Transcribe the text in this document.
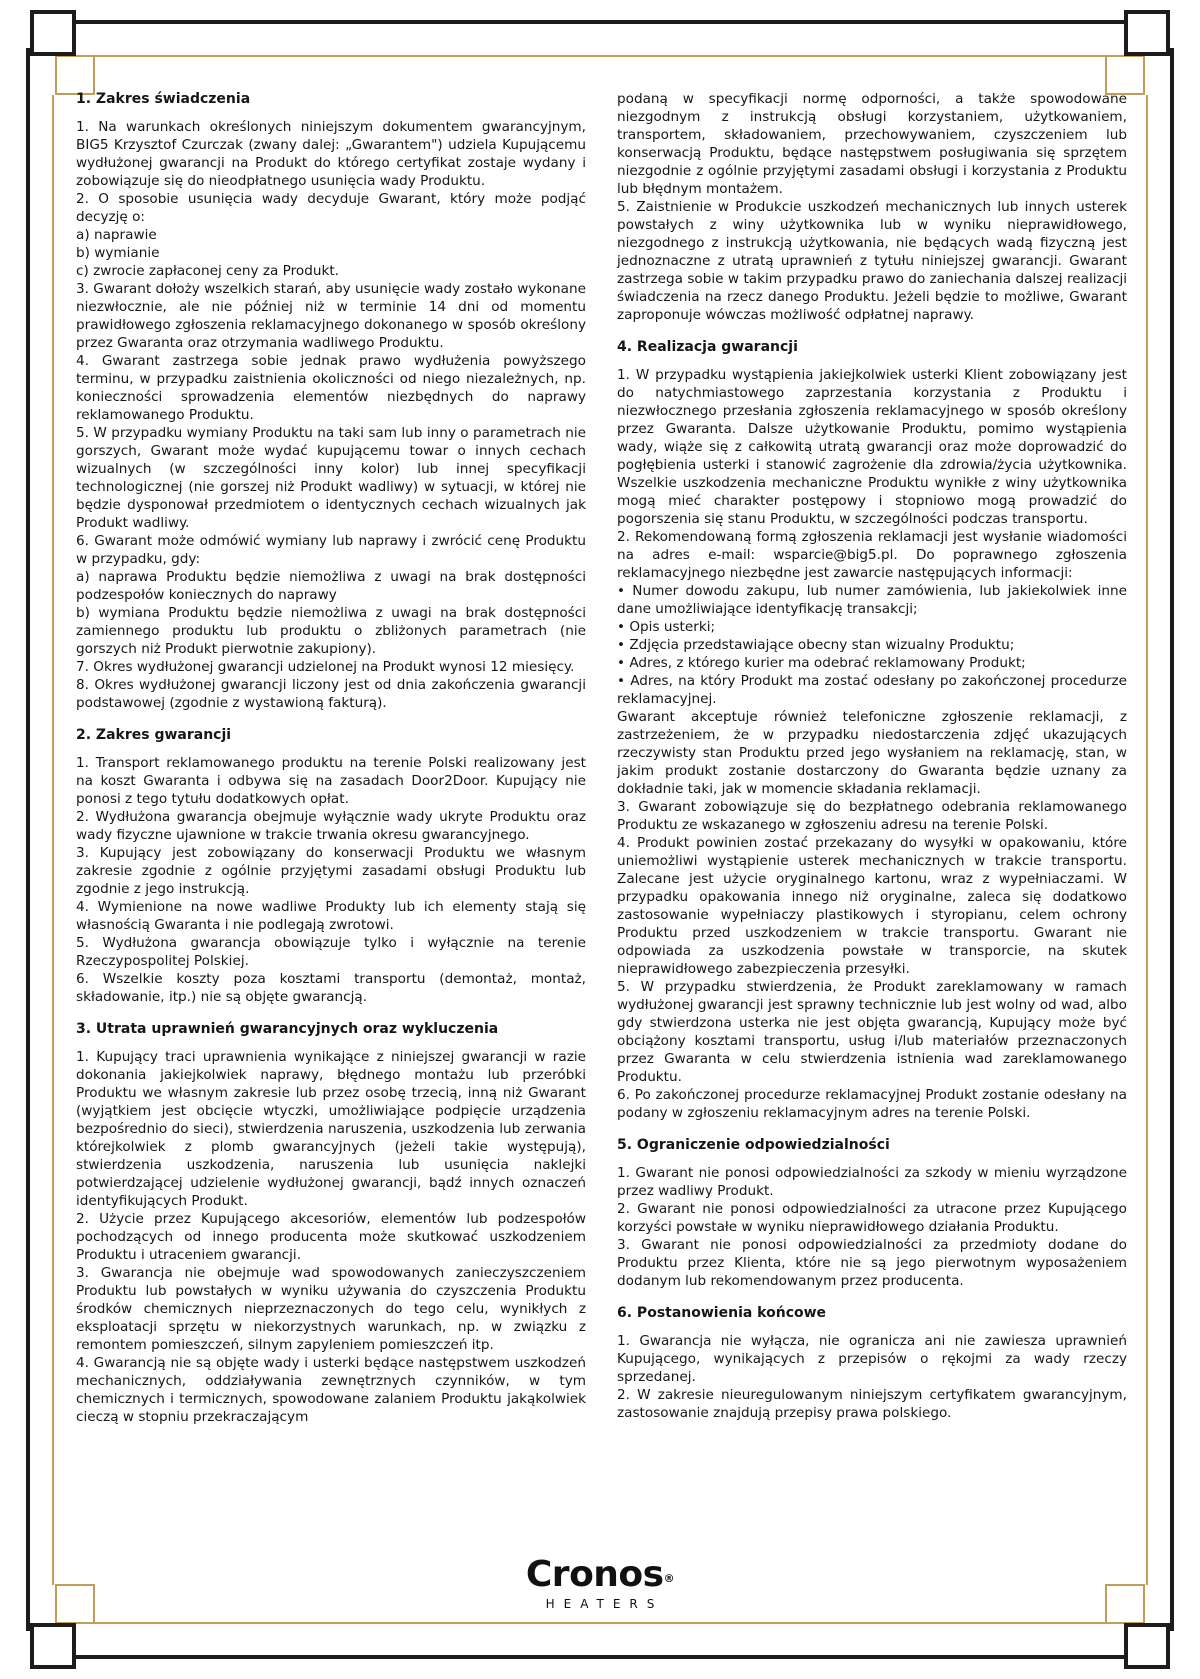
1. Zakres świadczenia

1. Na warunkach określonych niniejszym dokumentem gwarancyjnym, BIG5 Krzysztof Czurczak (zwany dalej: „Gwarantem") udziela Kupującemu wydłużonej gwarancji na Produkt do którego certyfikat zostaje wydany i zobowiązuje się do nieodpłatnego usunięcia wady Produktu.

2. O sposobie usunięcia wady decyduje Gwarant, który może podjąć decyzję o:

a) naprawie

b) wymianie

c) zwrocie zapłaconej ceny za Produkt.

3. Gwarant dołoży wszelkich starań, aby usunięcie wady zostało wykonane niezwłocznie, ale nie później niż w terminie 14 dni od momentu prawidłowego zgłoszenia reklamacyjnego dokonanego w sposób określony przez Gwaranta oraz otrzymania wadliwego Produktu.

4. Gwarant zastrzega sobie jednak prawo wydłużenia powyższego terminu, w przypadku zaistnienia okoliczności od niego niezależnych, np. konieczności sprowadzenia elementów niezbędnych do naprawy reklamowanego Produktu.

5. W przypadku wymiany Produktu na taki sam lub inny o parametrach nie gorszych, Gwarant może wydać kupującemu towar o innych cechach wizualnych (w szczególności inny kolor) lub innej specyfikacji technologicznej (nie gorszej niż Produkt wadliwy) w sytuacji, w której nie będzie dysponował przedmiotem o identycznych cechach wizualnych jak Produkt wadliwy.

6. Gwarant może odmówić wymiany lub naprawy i zwrócić cenę Produktu w przypadku, gdy:

a) naprawa Produktu będzie niemożliwa z uwagi na brak dostępności podzespołów koniecznych do naprawy

b) wymiana Produktu będzie niemożliwa z uwagi na brak dostępności zamiennego produktu lub produktu o zbliżonych parametrach (nie gorszych niż Produkt pierwotnie zakupiony).

7. Okres wydłużonej gwarancji udzielonej na Produkt wynosi 12 miesięcy.

8. Okres wydłużonej gwarancji liczony jest od dnia zakończenia gwarancji podstawowej (zgodnie z wystawioną fakturą).

2. Zakres gwarancji

1. Transport reklamowanego produktu na terenie Polski realizowany jest na koszt Gwaranta i odbywa się na zasadach Door2Door. Kupujący nie ponosi z tego tytułu dodatkowych opłat.

2. Wydłużona gwarancja obejmuje wyłącznie wady ukryte Produktu oraz wady fizyczne ujawnione w trakcie trwania okresu gwarancyjnego.

3. Kupujący jest zobowiązany do konserwacji Produktu we własnym zakresie zgodnie z ogólnie przyjętymi zasadami obsługi Produktu lub zgodnie z jego instrukcją.

4. Wymienione na nowe wadliwe Produkty lub ich elementy stają się własnością Gwaranta i nie podlegają zwrotowi.

5. Wydłużona gwarancja obowiązuje tylko i wyłącznie na terenie Rzeczypospolitej Polskiej.

6. Wszelkie koszty poza kosztami transportu (demontaż, montaż, składowanie, itp.) nie są objęte gwarancją.

3. Utrata uprawnień gwarancyjnych oraz wykluczenia

1. Kupujący traci uprawnienia wynikające z niniejszej gwarancji w razie dokonania jakiejkolwiek naprawy, błędnego montażu lub przeróbki Produktu we własnym zakresie lub przez osobę trzecią, inną niż Gwarant (wyjątkiem jest obcięcie wtyczki, umożliwiające podpięcie urządzenia bezpośrednio do sieci), stwierdzenia naruszenia, uszkodzenia lub zerwania którejkolwiek z plomb gwarancyjnych (jeżeli takie występują), stwierdzenia uszkodzenia, naruszenia lub usunięcia naklejki potwierdzającej udzielenie wydłużonej gwarancji, bądź innych oznaczeń identyfikujących Produkt.

2. Użycie przez Kupującego akcesoriów, elementów lub podzespołów pochodzących od innego producenta może skutkować uszkodzeniem Produktu i utraceniem gwarancji.

3. Gwarancja nie obejmuje wad spowodowanych zanieczyszczeniem Produktu lub powstałych w wyniku używania do czyszczenia Produktu środków chemicznych nieprzeznaczonych do tego celu, wynikłych z eksploatacji sprzętu w niekorzystnych warunkach, np. w związku z remontem pomieszczeń, silnym zapyleniem pomieszczeń itp.

4. Gwarancją nie są objęte wady i usterki będące następstwem uszkodzeń mechanicznych, oddziaływania zewnętrznych czynników, w tym chemicznych i termicznych, spowodowane zalaniem Produktu jakąkolwiek cieczą w stopniu przekraczającym

podaną w specyfikacji normę odporności, a także spowodowane niezgodnym z instrukcją obsługi korzystaniem, użytkowaniem, transportem, składowaniem, przechowywaniem, czyszczeniem lub konserwacją Produktu, będące następstwem posługiwania się sprzętem niezgodnie z ogólnie przyjętymi zasadami obsługi i korzystania z Produktu lub błędnym montażem.

5. Zaistnienie w Produkcie uszkodzeń mechanicznych lub innych usterek powstałych z winy użytkownika lub w wyniku nieprawidłowego, niezgodnego z instrukcją użytkowania, nie będących wadą fizyczną jest jednoznaczne z utratą uprawnień z tytułu niniejszej gwarancji. Gwarant zastrzega sobie w takim przypadku prawo do zaniechania dalszej realizacji świadczenia na rzecz danego Produktu. Jeżeli będzie to możliwe, Gwarant zaproponuje wówczas możliwość odpłatnej naprawy.

4. Realizacja gwarancji

1. W przypadku wystąpienia jakiejkolwiek usterki Klient zobowiązany jest do natychmiastowego zaprzestania korzystania z Produktu i niezwłocznego przesłania zgłoszenia reklamacyjnego w sposób określony przez Gwaranta. Dalsze użytkowanie Produktu, pomimo wystąpienia wady, wiąże się z całkowitą utratą gwarancji oraz może doprowadzić do pogłębienia usterki i stanowić zagrożenie dla zdrowia/życia użytkownika. Wszelkie uszkodzenia mechaniczne Produktu wynikłe z winy użytkownika mogą mieć charakter postępowy i stopniowo mogą prowadzić do pogorszenia się stanu Produktu, w szczególności podczas transportu.

2. Rekomendowaną formą zgłoszenia reklamacji jest wysłanie wiadomości na adres e-mail: wsparcie@big5.pl. Do poprawnego zgłoszenia reklamacyjnego niezbędne jest zawarcie następujących informacji:

• Numer dowodu zakupu, lub numer zamówienia, lub jakiekolwiek inne dane umożliwiające identyfikację transakcji;

• Opis usterki;

• Zdjęcia przedstawiające obecny stan wizualny Produktu;

• Adres, z którego kurier ma odebrać reklamowany Produkt;

• Adres, na który Produkt ma zostać odesłany po zakończonej procedurze reklamacyjnej.

Gwarant akceptuje również telefoniczne zgłoszenie reklamacji, z zastrzeżeniem, że w przypadku niedostarczenia zdjęć ukazujących rzeczywisty stan Produktu przed jego wysłaniem na reklamację, stan, w jakim produkt zostanie dostarczony do Gwaranta będzie uznany za dokładnie taki, jak w momencie składania reklamacji.

3. Gwarant zobowiązuje się do bezpłatnego odebrania reklamowanego Produktu ze wskazanego w zgłoszeniu adresu na terenie Polski.

4. Produkt powinien zostać przekazany do wysyłki w opakowaniu, które uniemożliwi wystąpienie usterek mechanicznych w trakcie transportu. Zalecane jest użycie oryginalnego kartonu, wraz z wypełniaczami. W przypadku opakowania innego niż oryginalne, zaleca się dodatkowo zastosowanie wypełniaczy plastikowych i styropianu, celem ochrony Produktu przed uszkodzeniem w trakcie transportu. Gwarant nie odpowiada za uszkodzenia powstałe w transporcie, na skutek nieprawidłowego zabezpieczenia przesyłki.

5. W przypadku stwierdzenia, że Produkt zareklamowany w ramach wydłużonej gwarancji jest sprawny technicznie lub jest wolny od wad, albo gdy stwierdzona usterka nie jest objęta gwarancją, Kupujący może być obciążony kosztami transportu, usług i/lub materiałów przeznaczonych przez Gwaranta w celu stwierdzenia istnienia wad zareklamowanego Produktu.

6. Po zakończonej procedurze reklamacyjnej Produkt zostanie odesłany na podany w zgłoszeniu reklamacyjnym adres na terenie Polski.

5. Ograniczenie odpowiedzialności

1. Gwarant nie ponosi odpowiedzialności za szkody w mieniu wyrządzone przez wadliwy Produkt.

2. Gwarant nie ponosi odpowiedzialności za utracone przez Kupującego korzyści powstałe w wyniku nieprawidłowego działania Produktu.

3. Gwarant nie ponosi odpowiedzialności za przedmioty dodane do Produktu przez Klienta, które nie są jego pierwotnym wyposażeniem dodanym lub rekomendowanym przez producenta.

6. Postanowienia końcowe

1. Gwarancja nie wyłącza, nie ogranicza ani nie zawiesza uprawnień Kupującego, wynikających z przepisów o rękojmi za wady rzeczy sprzedanej.

2. W zakresie nieuregulowanym niniejszym certyfikatem gwarancyjnym, zastosowanie znajdują przepisy prawa polskiego.

Cronos®
HEATERS
